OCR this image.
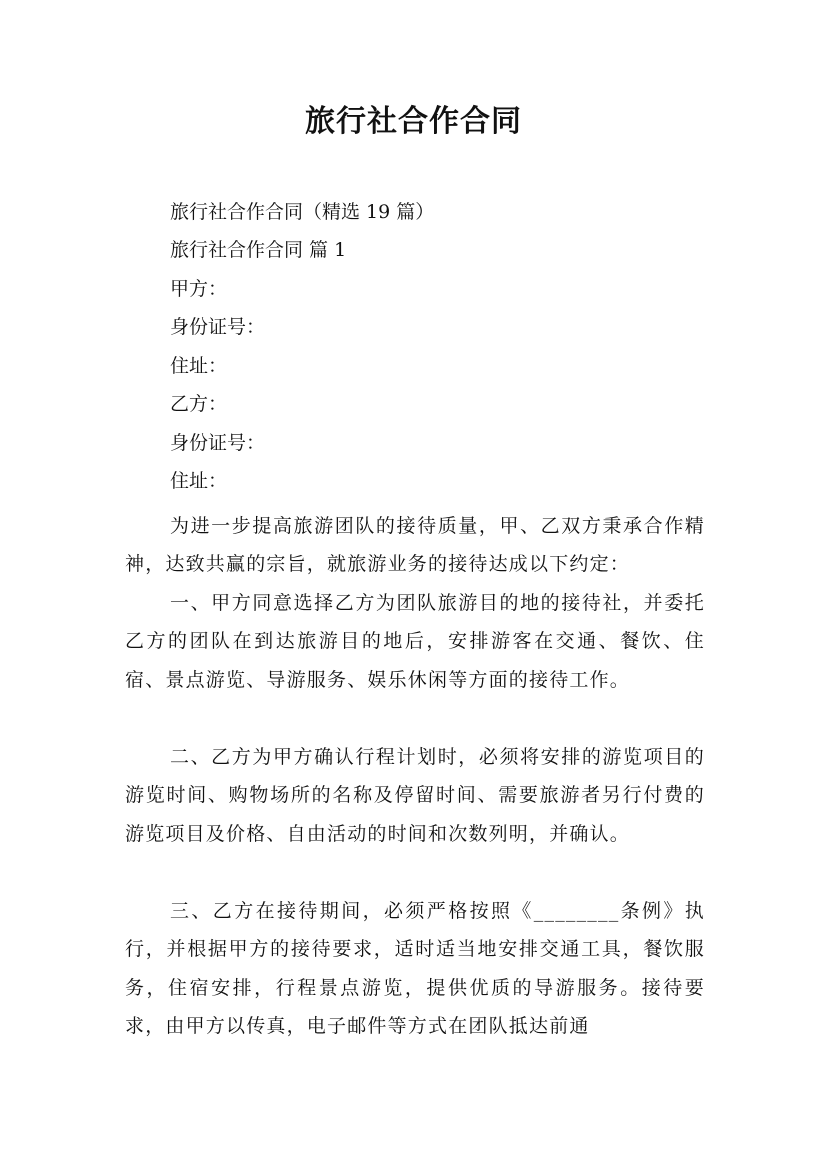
旅行社合作合同
旅行社合作合同（精选 19 篇）
旅行社合作合同 篇 1
甲方：
身份证号：
住址：
乙方：
身份证号：
住址：
为进一步提高旅游团队的接待质量，甲、乙双方秉承合作精神，达致共赢的宗旨，就旅游业务的接待达成以下约定：
一、甲方同意选择乙方为团队旅游目的地的接待社，并委托乙方的团队在到达旅游目的地后，安排游客在交通、餐饮、住宿、景点游览、导游服务、娱乐休闲等方面的接待工作。
二、乙方为甲方确认行程计划时，必须将安排的游览项目的游览时间、购物场所的名称及停留时间、需要旅游者另行付费的游览项目及价格、自由活动的时间和次数列明，并确认。
三、乙方在接待期间，必须严格按照《________条例》执行，并根据甲方的接待要求，适时适当地安排交通工具，餐饮服务，住宿安排，行程景点游览，提供优质的导游服务。接待要求，由甲方以传真，电子邮件等方式在团队抵达前通
